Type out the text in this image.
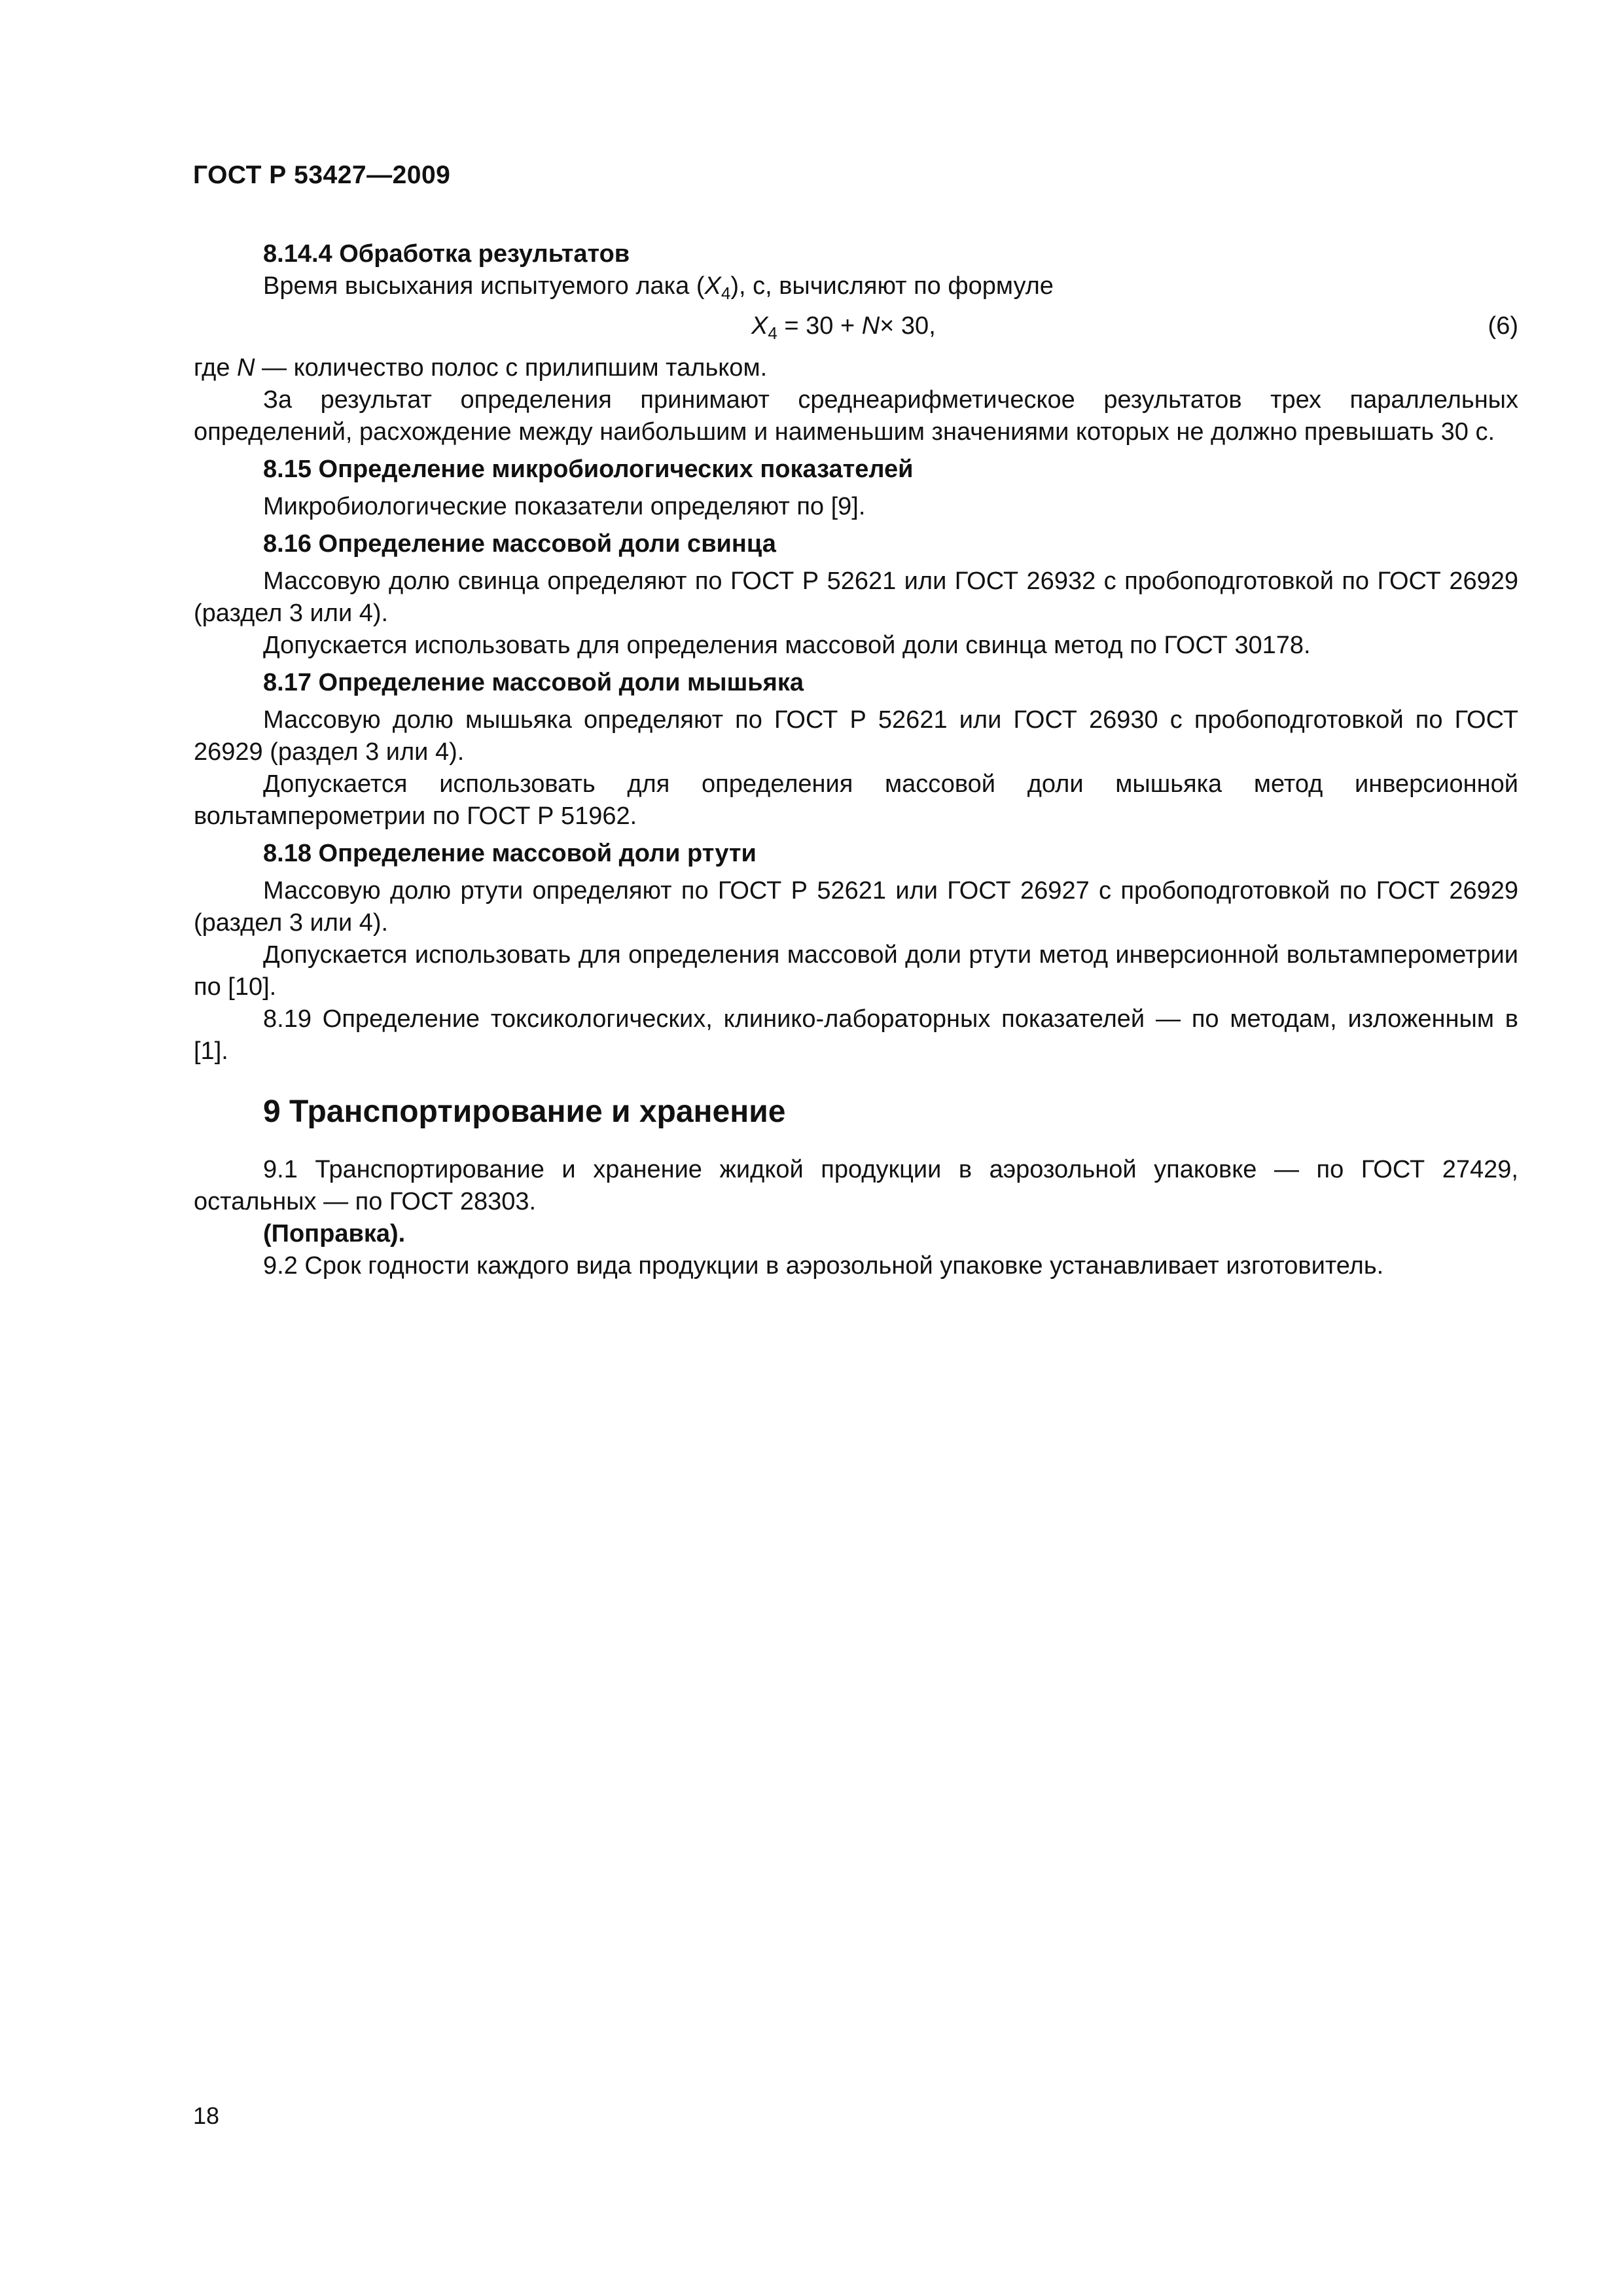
ГОСТ Р 53427—2009

8.14.4 Обработка результатов

Время высыхания испытуемого лака $(X_4)$, с, вычисляют по формуле

$X_4 = 30 + N\times 30$,	(6)

где N — количество полос с прилипшим тальком.

За результат определения принимают среднеарифметическое результатов трех параллельных определений, расхождение между наибольшим и наименьшим значениями которых не должно превышать 30 с.

8.15 Определение микробиологических показателей

Микробиологические показатели определяют по [9].

8.16 Определение массовой доли свинца

Массовую долю свинца определяют по ГОСТ Р 52621 или ГОСТ 26932 с пробоподготовкой по ГОСТ 26929 (раздел 3 или 4).

Допускается использовать для определения массовой доли свинца метод по ГОСТ 30178.

8.17 Определение массовой доли мышьяка

Массовую долю мышьяка определяют по ГОСТ Р 52621 или ГОСТ 26930 с пробоподготовкой по ГОСТ 26929 (раздел 3 или 4).

Допускается использовать для определения массовой доли мышьяка метод инверсионной вольтамперометрии по ГОСТ Р 51962.

8.18 Определение массовой доли ртути

Массовую долю ртути определяют по ГОСТ Р 52621 или ГОСТ 26927 с пробоподготовкой по ГОСТ 26929 (раздел 3 или 4).

Допускается использовать для определения массовой доли ртути метод инверсионной вольтамперометрии по [10].

8.19 Определение токсикологических, клинико-лабораторных показателей — по методам, изложенным в [1].

9 Транспортирование и хранение

9.1 Транспортирование и хранение жидкой продукции в аэрозольной упаковке — по ГОСТ 27429, остальных — по ГОСТ 28303.

(Поправка).

9.2 Срок годности каждого вида продукции в аэрозольной упаковке устанавливает изготовитель.

18
